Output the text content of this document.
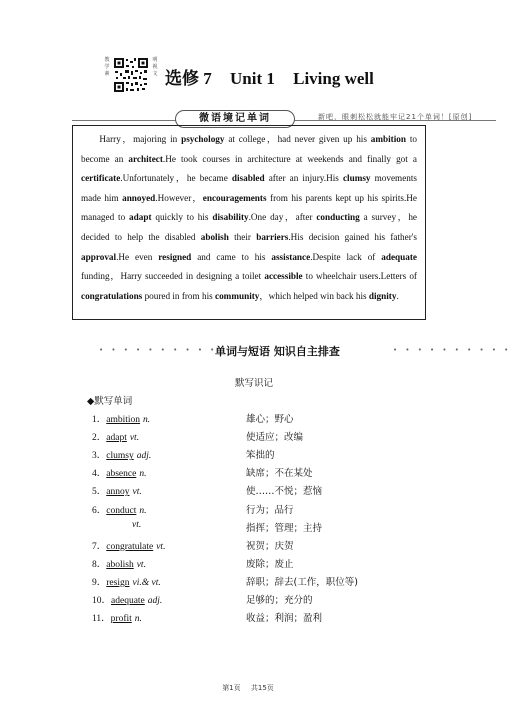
教学素
明视文 选修 7 Unit 1 Living well
微语境记单词	新吧，眼刺松松就能牢记21个单词！[原创]

Harry，majoring in psychology at college，had never given up his ambition to become an architect.He took courses in architecture at weekends and finally got a certificate.Unfortunately，he became disabled after an injury.His clumsy movements made him annoyed.However，encouragements from his parents kept up his spirits.He managed to adapt quickly to his disability.One day，after conducting a survey，he decided to help the disabled abolish their barriers.His decision gained his father's approval.He even resigned and came to his assistance.Despite lack of adequate funding，Harry succeeded in designing a toilet accessible to wheelchair users.Letters of congratulations poured in from his community，which helped win back his dignity.

• • • • • • • • • •
单词与短语 知识自主排查	• • • • • • • • • •
默写识记
◆默写单词
1．ambition n.	雄心；野心
2．adapt vt.	使适应；改编
3．clumsy adj.	笨拙的
4．absence n.	缺席；不在某处
5．annoy vt.	使……不悦；惹恼
6．conduct n.	行为；品行
vt.	指挥；管理；主持
7．congratulate vt.	祝贺；庆贺
8．abolish vt.	废除；废止
9．resign vi.& vt.	辞职；辞去(工作，职位等)
10．adequate adj.	足够的；充分的
11．profit n.	收益；利润；盈利
第1页 共15页
